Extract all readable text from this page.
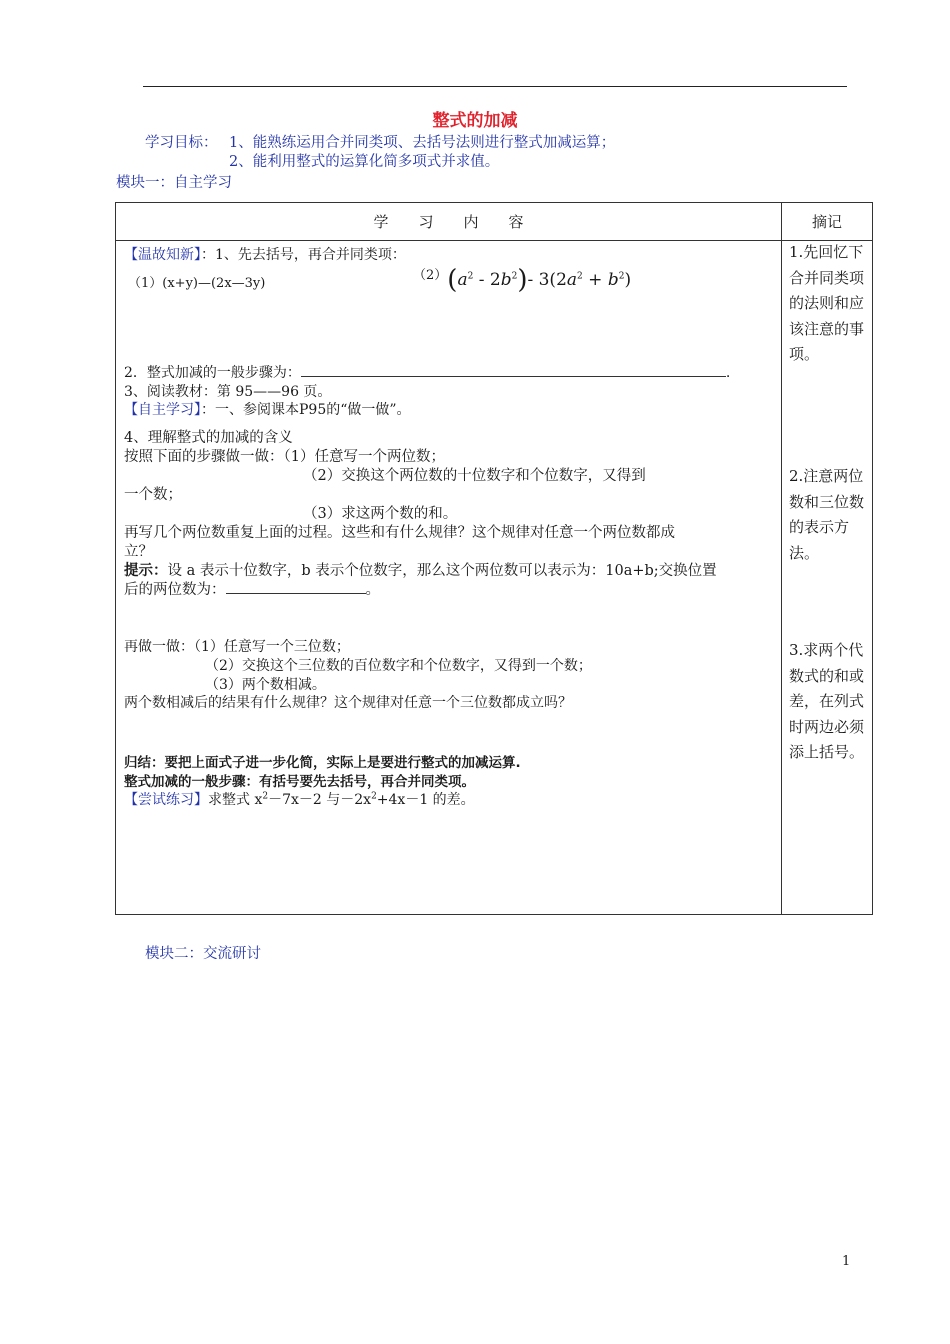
整式的加减
学习目标： 1、能熟练运用合并同类项、去括号法则进行整式加减运算；
2、能利用整式的运算化简多项式并求值。
模块一：自主学习
学　　习　　内　　容	摘记

【温故知新】：1、先去括号，再合并同类项：
（1）(x+y)—(2x—3y)
$(2)(a^2 - 2b^2)-$ $3(2a^2 + b^2)$
2．整式加减的一般步骤为：	.
3、阅读教材：第 95——96 页。
【自主学习】：一、参阅课本P95的“做一做”。
4、理解整式的加减的含义
按照下面的步骤做一做：（1）任意写一个两位数；
（2）交换这个两位数的十位数字和个位数字，又得到
一个数；
（3）求这两个数的和。
再写几个两位数重复上面的过程。这些和有什么规律？这个规律对任意一个两位数都成
立？
提示：设 a 表示十位数字，b 表示个位数字，那么这个两位数可以表示为：10a+b;交换位置
后的两位数为：	。
再做一做：（1）任意写一个三位数；
（2）交换这个三位数的百位数字和个位数字，又得到一个数；
（3）两个数相减。
两个数相减后的结果有什么规律？这个规律对任意一个三位数都成立吗？
归结：要把上面式子进一步化简，实际上是要进行整式的加减运算.
整式加减的一般步骤：有括号要先去括号，再合并同类项。
【尝试练习】求整式 $x^2-7x-2$ 与$-2x^2+4x-1$ 的差。
1.先回忆下合并同类项的法则和应该注意的事项。
2.注意两位数和三位数的表示方法。
3.求两个代数式的和或差，在列式时两边必须添上括号。
模块二：交流研讨
1
